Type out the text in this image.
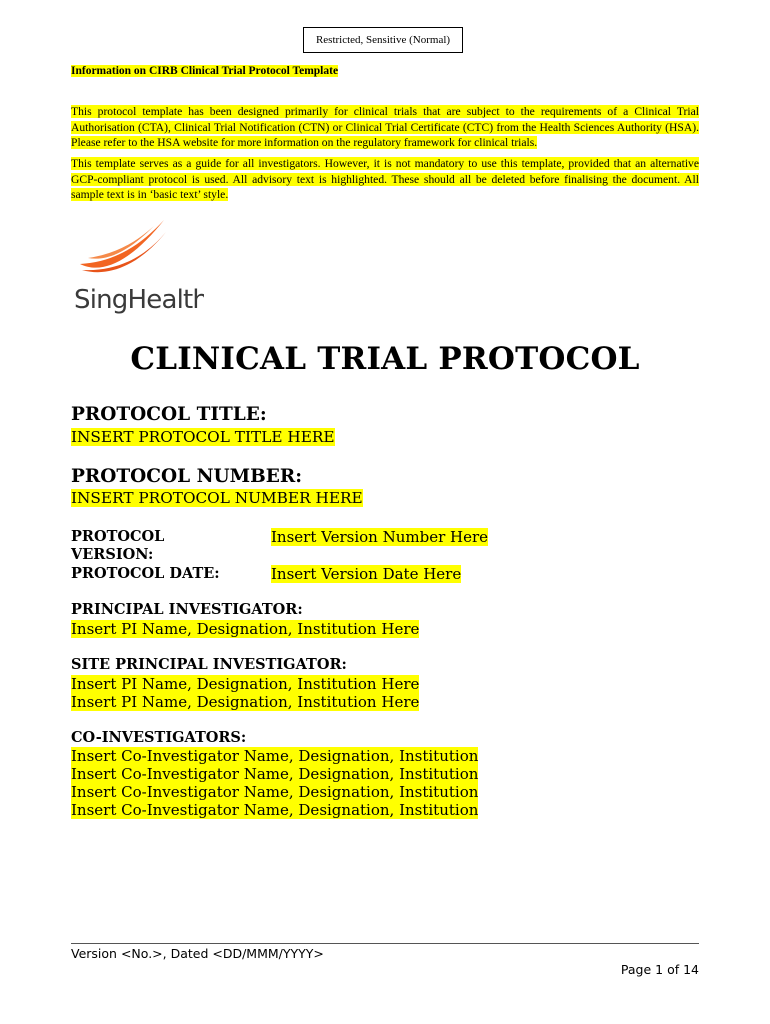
Restricted, Sensitive (Normal)
Information on CIRB Clinical Trial Protocol Template

This protocol template has been designed primarily for clinical trials that are subject to the requirements of a Clinical Trial Authorisation (CTA), Clinical Trial Notification (CTN) or Clinical Trial Certificate (CTC) from the Health Sciences Authority (HSA). Please refer to the HSA website for more information on the regulatory framework for clinical trials.

This template serves as a guide for all investigators. However, it is not mandatory to use this template, provided that an alternative GCP-compliant protocol is used. All advisory text is highlighted. These should all be deleted before finalising the document. All sample text is in ‘basic text’ style.

SingHealth
CLINICAL TRIAL PROTOCOL

PROTOCOL TITLE:

INSERT PROTOCOL TITLE HERE

PROTOCOL NUMBER:

INSERT PROTOCOL NUMBER HERE

PROTOCOL

VERSION:

Insert Version Number Here

PROTOCOL DATE:	Insert Version Date Here

PRINCIPAL INVESTIGATOR:

Insert PI Name, Designation, Institution Here

SITE PRINCIPAL INVESTIGATOR:

Insert PI Name, Designation, Institution Here

Insert PI Name, Designation, Institution Here

CO-INVESTIGATORS:

Insert Co-Investigator Name, Designation, Institution

Insert Co-Investigator Name, Designation, Institution

Insert Co-Investigator Name, Designation, Institution

Insert Co-Investigator Name, Designation, Institution

Version <No.>, Dated <DD/MMM/YYYY>
Page 1 of 14
